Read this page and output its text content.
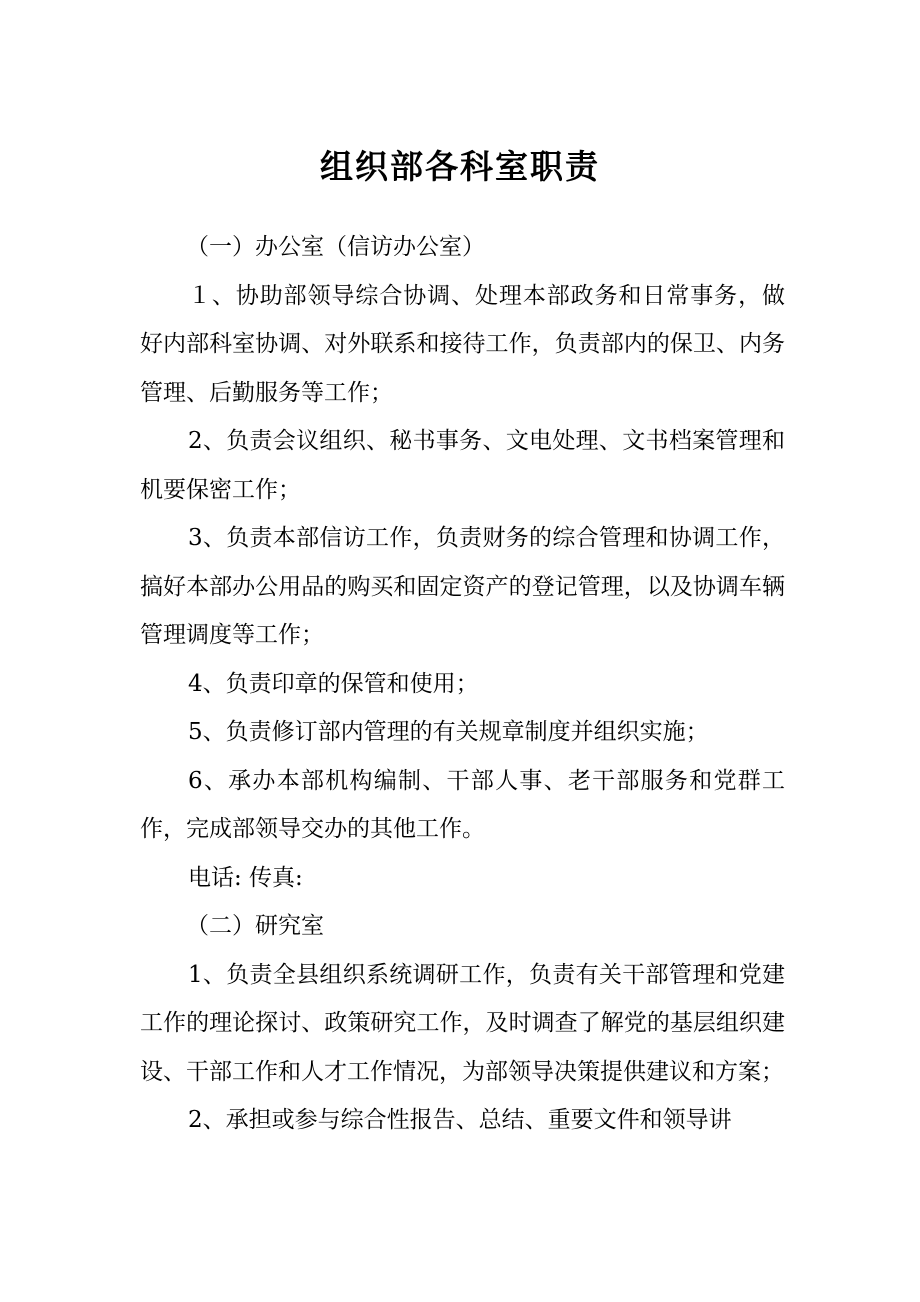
组织部各科室职责

（一）办公室（信访办公室）

１、协助部领导综合协调、处理本部政务和日常事务，做好内部科室协调、对外联系和接待工作，负责部内的保卫、内务管理、后勤服务等工作；

2、负责会议组织、秘书事务、文电处理、文书档案管理和机要保密工作；

3、负责本部信访工作，负责财务的综合管理和协调工作，搞好本部办公用品的购买和固定资产的登记管理，以及协调车辆管理调度等工作；

4、负责印章的保管和使用；

5、负责修订部内管理的有关规章制度并组织实施；

6、承办本部机构编制、干部人事、老干部服务和党群工作，完成部领导交办的其他工作。

电话: 传真:

（二）研究室

1、负责全县组织系统调研工作，负责有关干部管理和党建工作的理论探讨、政策研究工作，及时调查了解党的基层组织建设、干部工作和人才工作情况，为部领导决策提供建议和方案；

2、承担或参与综合性报告、总结、重要文件和领导讲
